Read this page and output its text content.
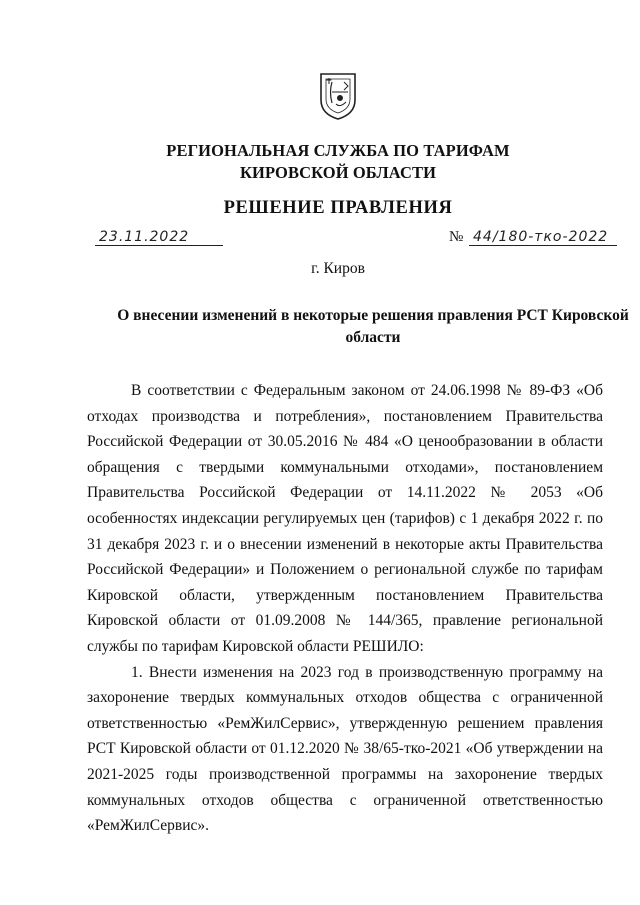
РЕГИОНАЛЬНАЯ СЛУЖБА ПО ТАРИФАМ
КИРОВСКОЙ ОБЛАСТИ
РЕШЕНИЕ ПРАВЛЕНИЯ
23.11.2022	№ 44/180-тко-2022
г. Киров
О внесении изменений в некоторые решения правления РСТ Кировской области

В соответствии с Федеральным законом от 24.06.1998 № 89-ФЗ «Об отходах производства и потребления», постановлением Правительства Российской Федерации от 30.05.2016 № 484 «О ценообразовании в области обращения с твердыми коммунальными отходами», постановлением Правительства Российской Федерации от 14.11.2022 № 2053 «Об особенностях индексации регулируемых цен (тарифов) с 1 декабря 2022 г. по 31 декабря 2023 г. и о внесении изменений в некоторые акты Правительства Российской Федерации» и Положением о региональной службе по тарифам Кировской области, утвержденным постановлением Правительства Кировской области от 01.09.2008 № 144/365, правление региональной службы по тарифам Кировской области РЕШИЛО:

1. Внести изменения на 2023 год в производственную программу на захоронение твердых коммунальных отходов общества с ограниченной ответственностью «РемЖилСервис», утвержденную решением правления РСТ Кировской области от 01.12.2020 № 38/65-тко-2021 «Об утверждении на 2021-2025 годы производственной программы на захоронение твердых коммунальных отходов общества с ограниченной ответственностью «РемЖилСервис».
